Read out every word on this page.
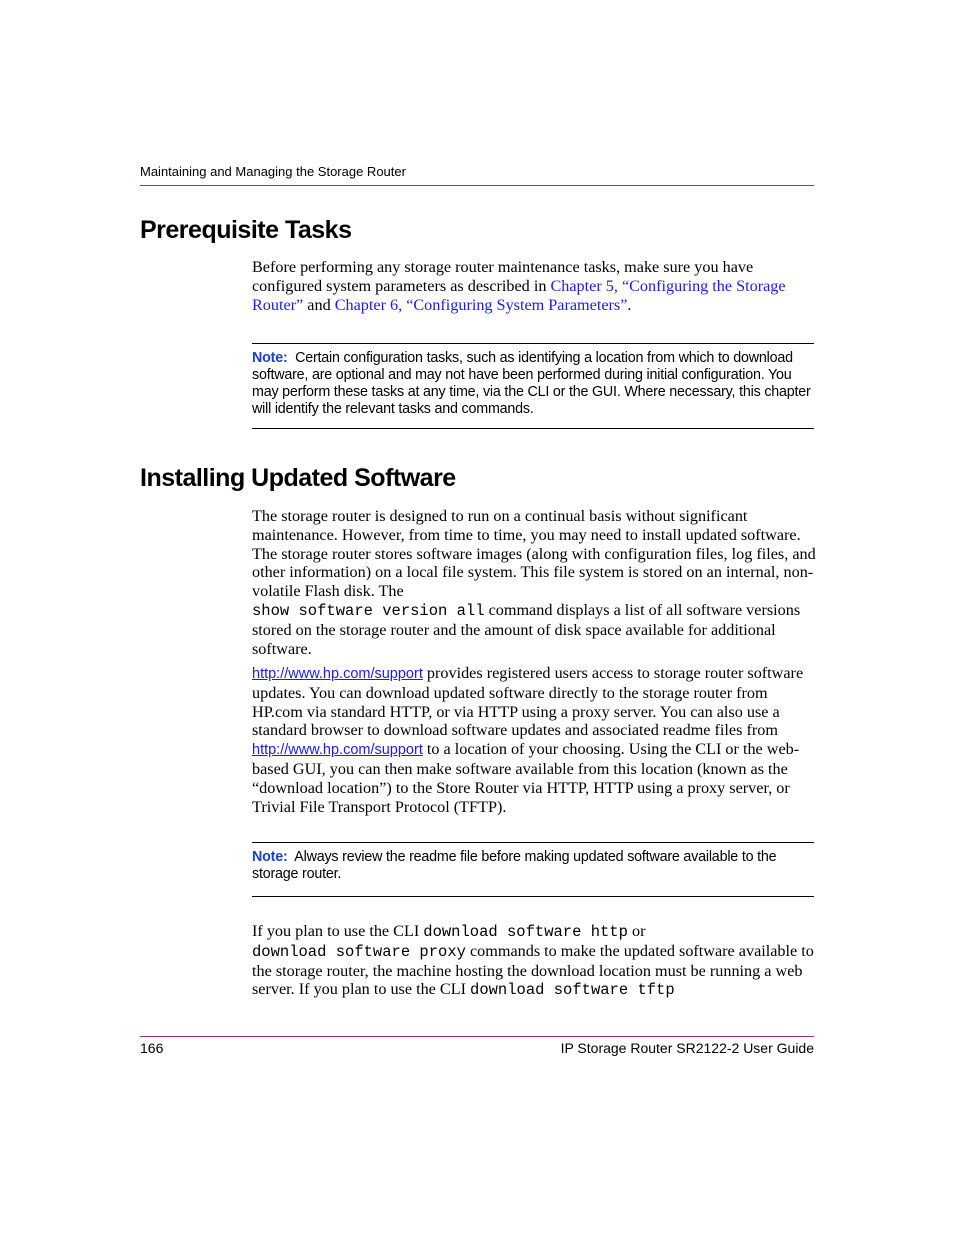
Maintaining and Managing the Storage Router
Prerequisite Tasks

Before performing any storage router maintenance tasks, make sure you have configured system parameters as described in Chapter 5, “Configuring the Storage Router” and Chapter 6, “Configuring System Parameters”.

Note: Certain configuration tasks, such as identifying a location from which to download software, are optional and may not have been performed during initial configuration. You may perform these tasks at any time, via the CLI or the GUI. Where necessary, this chapter will identify the relevant tasks and commands.

Installing Updated Software

The storage router is designed to run on a continual basis without significant maintenance. However, from time to time, you may need to install updated software. The storage router stores software images (along with configuration files, log files, and other information) on a local file system. This file system is stored on an internal, non-volatile Flash disk. The
show software version all command displays a list of all software versions stored on the storage router and the amount of disk space available for additional software.

http://www.hp.com/support provides registered users access to storage router software updates. You can download updated software directly to the storage router from HP.com via standard HTTP, or via HTTP using a proxy server. You can also use a standard browser to download software updates and associated readme files from http://www.hp.com/support to a location of your choosing. Using the CLI or the web-based GUI, you can then make software available from this location (known as the “download location”) to the Store Router via HTTP, HTTP using a proxy server, or Trivial File Transport Protocol (TFTP).

Note: Always review the readme file before making updated software available to the storage router.

If you plan to use the CLI download software http or
download software proxy commands to make the updated software available to the storage router, the machine hosting the download location must be running a web server. If you plan to use the CLI download software tftp

166	IP Storage Router SR2122-2 User Guide
